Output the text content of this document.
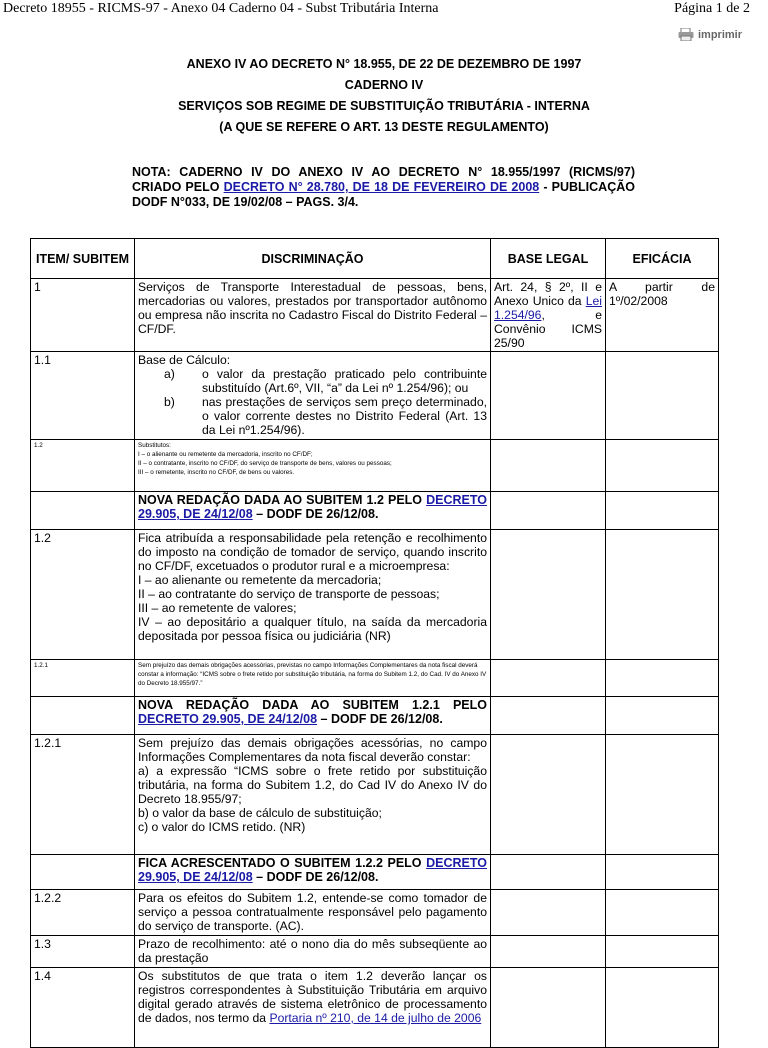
Decreto 18955 - RICMS-97 - Anexo 04 Caderno 04 - Subst Tributária Interna	Página 1 de 2
imprimir
ANEXO IV AO DECRETO N° 18.955, DE 22 DE DEZEMBRO DE 1997
CADERNO IV
SERVIÇOS SOB REGIME DE SUBSTITUIÇÃO TRIBUTÁRIA - INTERNA
(A QUE SE REFERE O ART. 13 DESTE REGULAMENTO)
NOTA: CADERNO IV DO ANEXO IV AO DECRETO N° 18.955/1997 (RICMS/97) CRIADO PELO DECRETO N° 28.780, DE 18 DE FEVEREIRO DE 2008 - PUBLICAÇÃO DODF N°033, DE 19/02/08 – PAGS. 3/4.
ITEM/ SUBITEM	DISCRIMINAÇÃO	BASE LEGAL	EFICÁCIA
1	Serviços de Transporte Interestadual de pessoas, bens, mercadorias ou valores, prestados por transportador autônomo ou empresa não inscrita no Cadastro Fiscal do Distrito Federal – CF/DF.	Art. 24, § 2º, II e Anexo Unico da Lei 1.254/96, e Convênio ICMS 25/90	A partir de 1º/02/2008
1.1	Base de Cálculo:
a) o valor da prestação praticado pelo contribuinte substituído (Art.6º, VII, “a” da Lei nº 1.254/96); ou
b) nas prestações de serviços sem preço determinado, o valor corrente destes no Distrito Federal (Art. 13 da Lei nº1.254/96).		

1.2	Substitutos:
I – o alienante ou remetente da mercadoria, inscrito no CF/DF;
II – o contratante, inscrito no CF/DF, do serviço de transporte de bens, valores ou pessoas;
III – o remetente, inscrito no CF/DF, de bens ou valores.		

	NOVA REDAÇÃO DADA AO SUBITEM 1.2 PELO DECRETO 29.905, DE 24/12/08 – DODF DE 26/12/08.		
1.2	Fica atribuída a responsabilidade pela retenção e recolhimento do imposto na condição de tomador de serviço, quando inscrito no CF/DF, excetuados o produtor rural e a microempresa:
I – ao alienante ou remetente da mercadoria;
II – ao contratante do serviço de transporte de pessoas;
III – ao remetente de valores;
IV – ao depositário a qualquer título, na saída da mercadoria depositada por pessoa física ou judiciária (NR)		

1.2.1	Sem prejuízo das demais obrigações acessórias, previstas no campo Informações Complementares da nota fiscal deverá constar a informação: “ICMS sobre o frete retido por substituição tributária, na forma do Subitem 1.2, do Cad. IV do Anexo IV do Decreto 18.955/97.”		
	NOVA REDAÇÃO DADA AO SUBITEM 1.2.1 PELO DECRETO 29.905, DE 24/12/08 – DODF DE 26/12/08.		
1.2.1	Sem prejuízo das demais obrigações acessórias, no campo Informações Complementares da nota fiscal deverão constar:
a) a expressão “ICMS sobre o frete retido por substituição tributária, na forma do Subitem 1.2, do Cad IV do Anexo IV do Decreto 18.955/97;
b) o valor da base de cálculo de substituição;
c) o valor do ICMS retido. (NR)		

	FICA ACRESCENTADO O SUBITEM 1.2.2 PELO DECRETO 29.905, DE 24/12/08 – DODF DE 26/12/08.		
1.2.2	Para os efeitos do Subitem 1.2, entende-se como tomador de serviço a pessoa contratualmente responsável pelo pagamento do serviço de transporte. (AC).		
1.3	Prazo de recolhimento: até o nono dia do mês subseqüente ao da prestação		
1.4	Os substitutos de que trata o item 1.2 deverão lançar os registros correspondentes à Substituição Tributária em arquivo digital gerado através de sistema eletrônico de processamento de dados, nos termo da Portaria nº 210, de 14 de julho de 2006		
